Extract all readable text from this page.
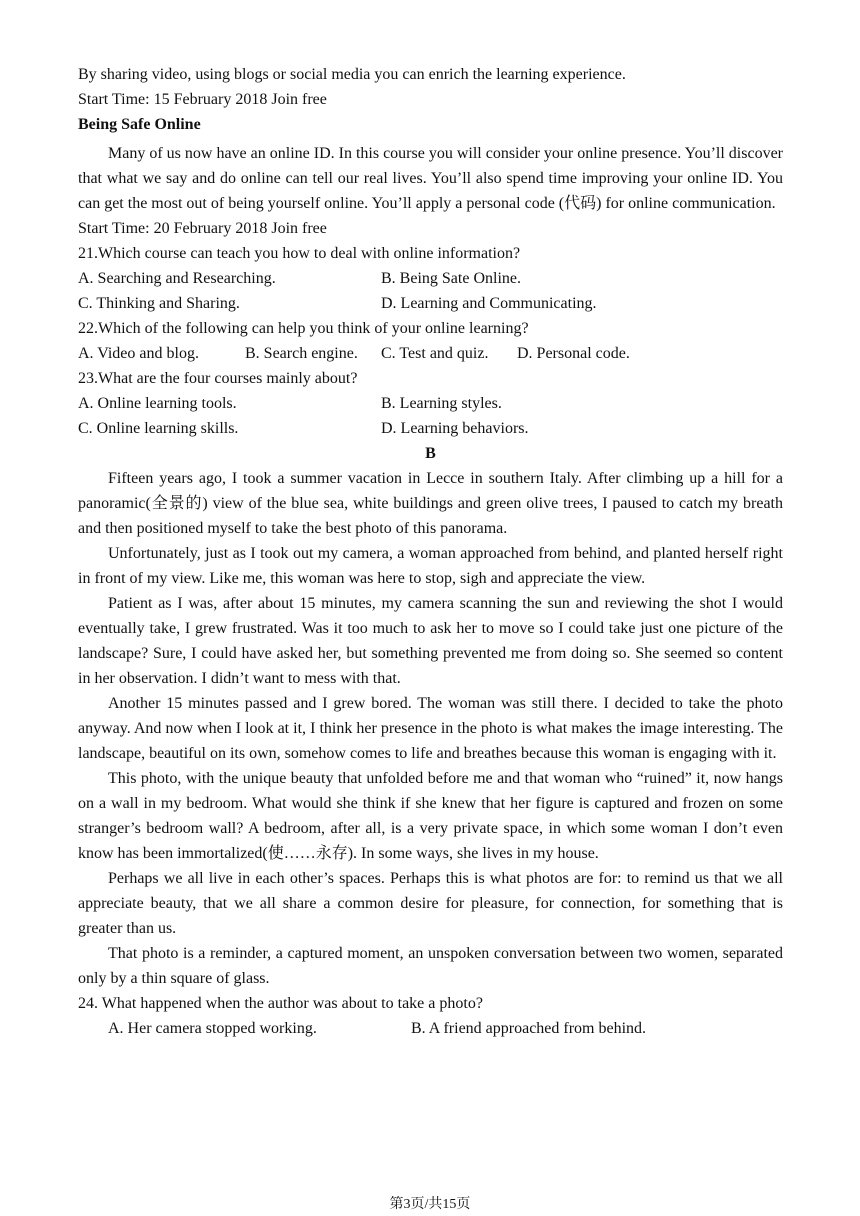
By sharing video, using blogs or social media you can enrich the learning experience.

Start Time: 15 February 2018 Join free

Being Safe Online

Many of us now have an online ID. In this course you will consider your online presence. You’ll discover that what we say and do online can tell our real lives. You’ll also spend time improving your online ID. You can get the most out of being yourself online. You’ll apply a personal code (代码) for online communication.

Start Time: 20 February 2018 Join free

21.Which course can teach you how to deal with online information?

A. Searching and Researching.	B. Being Sate Online.
C. Thinking and Sharing.	D. Learning and Communicating.

22.Which of the following can help you think of your online learning?

A. Video and blog.	B. Search engine.	C. Test and quiz.	D. Personal code.

23.What are the four courses mainly about?

A. Online learning tools.	B. Learning styles.
C. Online learning skills.	D. Learning behaviors.

B

Fifteen years ago, I took a summer vacation in Lecce in southern Italy. After climbing up a hill for a panoramic(全景的) view of the blue sea, white buildings and green olive trees, I paused to catch my breath and then positioned myself to take the best photo of this panorama.

Unfortunately, just as I took out my camera, a woman approached from behind, and planted herself right in front of my view. Like me, this woman was here to stop, sigh and appreciate the view.

Patient as I was, after about 15 minutes, my camera scanning the sun and reviewing the shot I would eventually take, I grew frustrated. Was it too much to ask her to move so I could take just one picture of the landscape? Sure, I could have asked her, but something prevented me from doing so. She seemed so content in her observation. I didn’t want to mess with that.

Another 15 minutes passed and I grew bored. The woman was still there. I decided to take the photo anyway. And now when I look at it, I think her presence in the photo is what makes the image interesting. The landscape, beautiful on its own, somehow comes to life and breathes because this woman is engaging with it.

This photo, with the unique beauty that unfolded before me and that woman who “ruined” it, now hangs on a wall in my bedroom. What would she think if she knew that her figure is captured and frozen on some stranger’s bedroom wall? A bedroom, after all, is a very private space, in which some woman I don’t even know has been immortalized(使……永存). In some ways, she lives in my house.

Perhaps we all live in each other’s spaces. Perhaps this is what photos are for: to remind us that we all appreciate beauty, that we all share a common desire for pleasure, for connection, for something that is greater than us.

That photo is a reminder, a captured moment, an unspoken conversation between two women, separated only by a thin square of glass.

24. What happened when the author was about to take a photo?

A. Her camera stopped working.	B. A friend approached from behind.
第3页/共15页
